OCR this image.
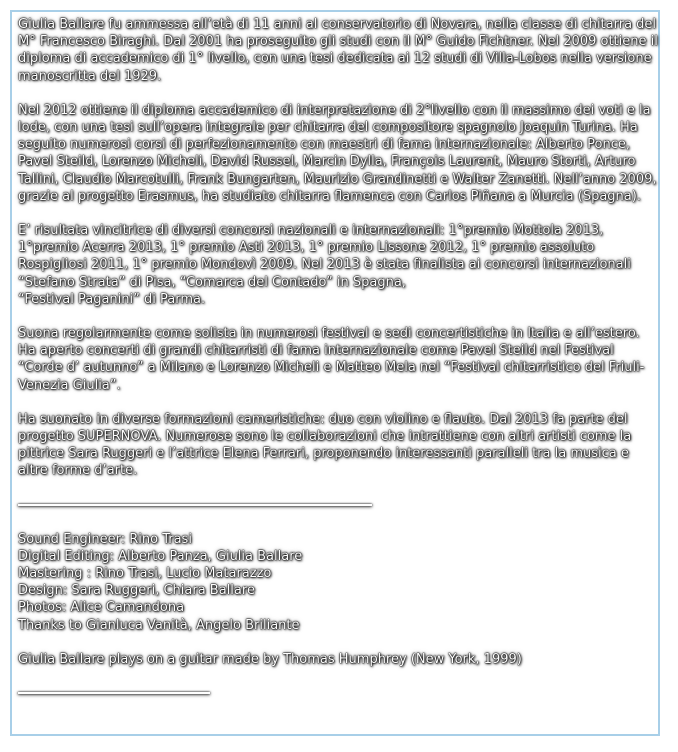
Giulia Ballare fu ammessa all’età di 11 anni al conservatorio di Novara, nella classe di chitarra del M° Francesco Biraghi. Dal 2001 ha proseguito gli studi con il M° Guido Fichtner. Nel 2009 ottiene il diploma di accademico di 1° livello, con una tesi dedicata ai 12 studi di Villa-Lobos nella versione manoscritta del 1929.

Nel 2012 ottiene il diploma accademico di interpretazione di 2°livello con il massimo dei voti e la lode, con una tesi sull’opera integrale per chitarra del compositore spagnolo Joaquin Turina. Ha seguito numerosi corsi di perfezionamento con maestri di fama internazionale: Alberto Ponce, Pavel Steild, Lorenzo Micheli, David Russel, Marcin Dylla, François Laurent, Mauro Storti, Arturo Tallini, Claudio Marcotulli, Frank Bungarten, Maurizio Grandinetti e Walter Zanetti. Nell’anno 2009, grazie al progetto Erasmus, ha studiato chitarra flamenca con Carlos Piñana a Murcia (Spagna).

E’ risultata vincitrice di diversi concorsi nazionali e internazionali: 1°premio Mottola 2013, 1°premio Acerra 2013, 1° premio Asti 2013, 1° premio Lissone 2012, 1° premio assoluto Rospigliosi 2011, 1° premio Mondovì 2009. Nel 2013 è stata finalista ai concorsi internazionali “Stefano Strata” di Pisa, “Comarca del Contado” in Spagna,
“Festival Paganini” di Parma.

Suona regolarmente come solista in numerosi festival e sedi concertistiche in Italia e all’estero. Ha aperto concerti di grandi chitarristi di fama internazionale come Pavel Steild nel Festival “Corde d’ autunno” a Milano e Lorenzo Micheli e Matteo Mela nel “Festival chitarristico del Friuli-Venezia Giulia”.

Ha suonato in diverse formazioni cameristiche: duo con violino e flauto. Dal 2013 fa parte del progetto SUPERNOVA. Numerose sono le collaborazioni che intrattiene con altri artisti come la pittrice Sara Ruggeri e l’attrice Elena Ferrari, proponendo interessanti paralleli tra la musica e altre forme d’arte.

Sound Engineer: Rino Trasi

Digital Editing: Alberto Panza, Giulia Ballare

Mastering : Rino Trasi, Lucio Matarazzo

Design: Sara Ruggeri, Chiara Ballare

Photos: Alice Camandona

Thanks to Gianluca Vanità, Angelo Briliante

Giulia Ballare plays on a guitar made by Thomas Humphrey (New York, 1999)
